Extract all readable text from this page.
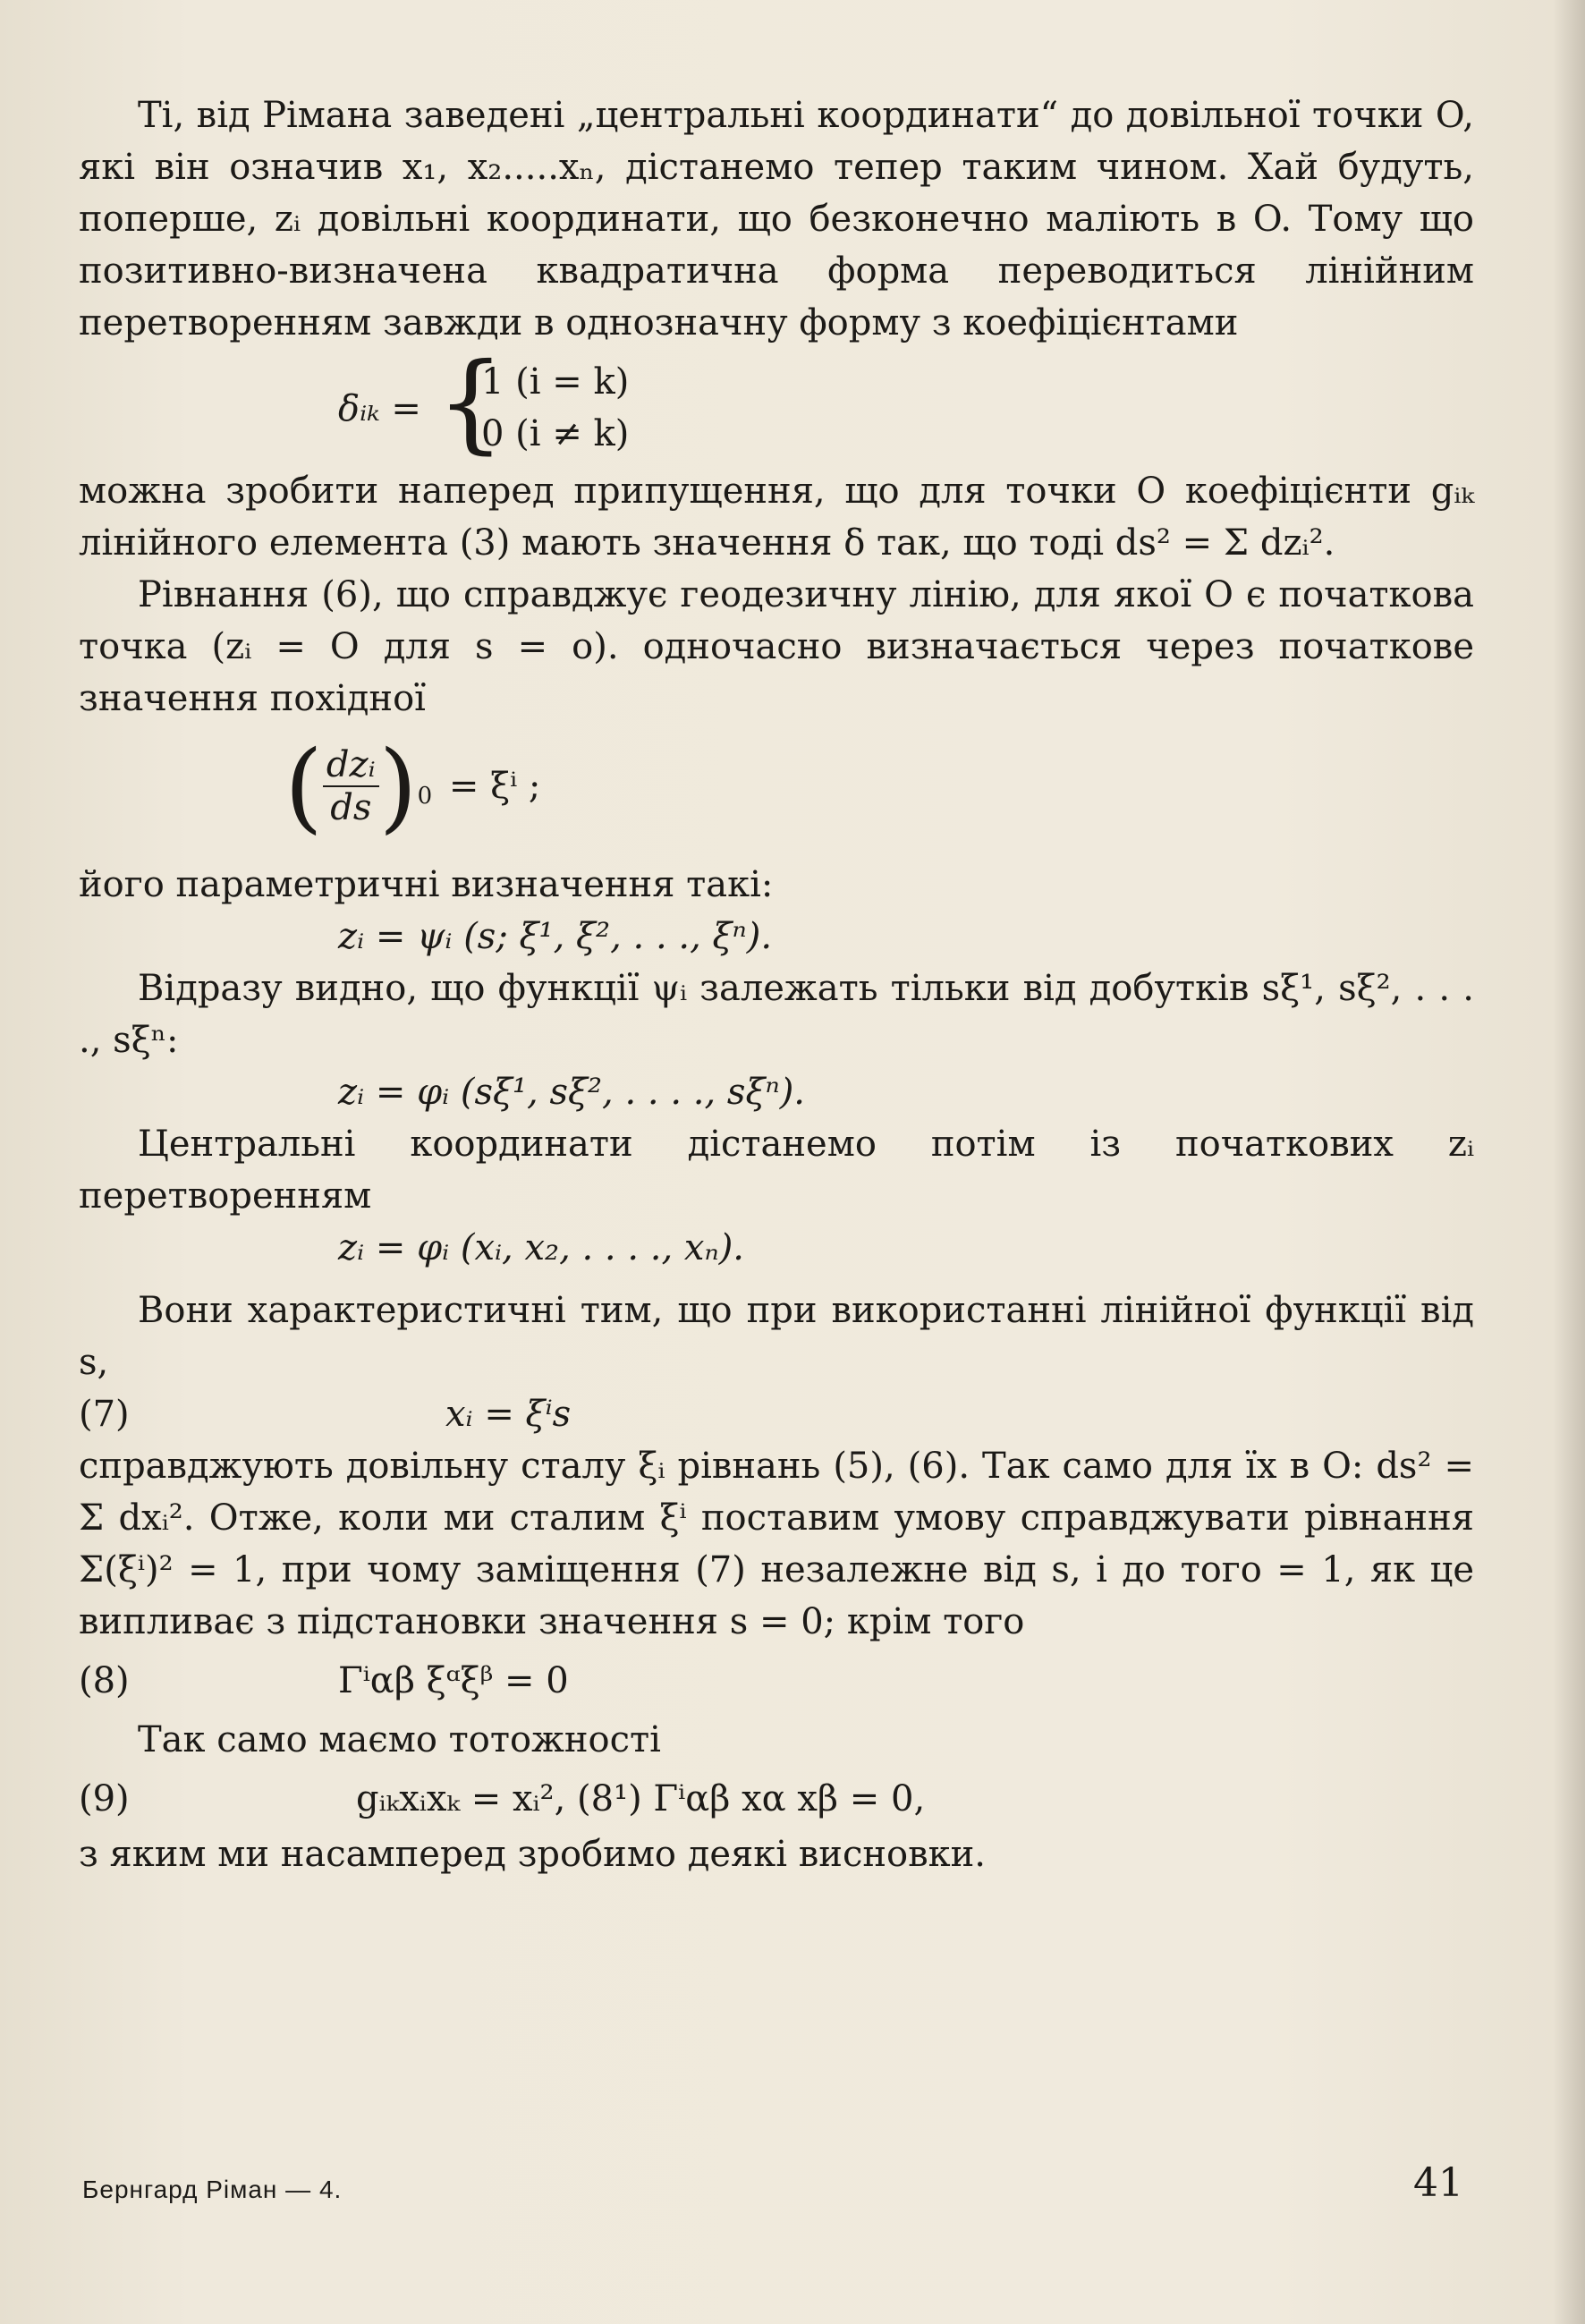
Ті, від Рімана заведені „центральні координати“ до довільної точки O, які він означив x₁, x₂.....xₙ, дістанемо тепер таким чином. Хай будуть, поперше, zᵢ довільні координати, що безконечно маліють в O. Тому що позитивно-визначена квадратична форма переводиться лінійним перетворенням завжди в однозначну форму з коефіцієнтами

δᵢₖ = {
1 (i = k)
0 (i ≠ k)

можна зробити наперед припущення, що для точки O коефіцієнти gᵢₖ лінійного елемента (3) мають значення δ так, що тоді ds² = Σ dzᵢ².

Рівнання (6), що справджує геодезичну лінію, для якої O є початкова точка (zᵢ = O для s = o). одночасно визначається через початкове значення похідної

( $\frac{\text{dzᵢ}}{ds} )_0 = \xi^i$ ;

його параметричні визначення такі:

zᵢ = ψᵢ (s; ξ¹, ξ², . . ., ξⁿ).

Відразу видно, що функції ψᵢ залежать тільки від добутків sξ¹, sξ², . . . ., sξⁿ:

zᵢ = φᵢ (sξ¹, sξ², . . . ., sξⁿ).

Центральні координати дістанемо потім із початкових zᵢ перетворенням

zᵢ = φᵢ (xᵢ, x₂, . . . ., xₙ).

Вони характеристичні тим, що при використанні лінійної функції від s,

(7)	xᵢ = ξⁱs

справджують довільну сталу ξᵢ рівнань (5), (6). Так само для їх в O: ds² = Σ dxᵢ². Отже, коли ми сталим ξⁱ поставим умову справджувати рівнання Σ(ξⁱ)² = 1, при чому заміщення (7) незалежне від s, і до того = 1, як це випливає з підстановки значення s = 0; крім того

(8)	Γⁱαβ ξᵅξᵝ = 0

Так само маємо тотожності

(9)	gᵢₖxᵢxₖ = xᵢ², (8¹) Γⁱαβ xα xβ = 0,

з яким ми насамперед зробимо деякі висновки.

Бернгард Ріман — 4.	41
